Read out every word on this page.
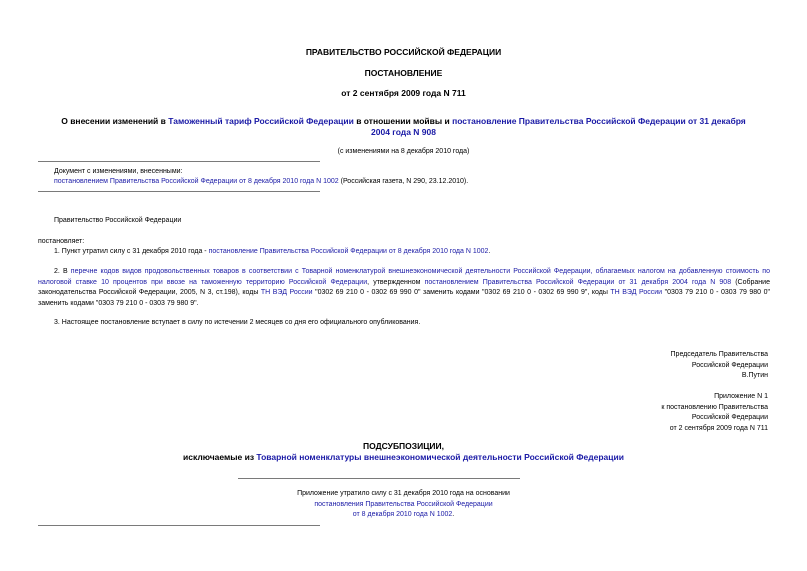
ПРАВИТЕЛЬСТВО РОССИЙСКОЙ ФЕДЕРАЦИИ
ПОСТАНОВЛЕНИЕ
от 2 сентября 2009 года N 711
О внесении изменений в Таможенный тариф Российской Федерации в отношении мойвы и постановление Правительства Российской Федерации от 31 декабря
2004 года N 908
(с изменениями на 8 декабря 2010 года)
Документ с изменениями, внесенными:
постановлением Правительства Российской Федерации от 8 декабря 2010 года N 1002 (Российская газета, N 290, 23.12.2010).
Правительство Российской Федерации
постановляет:
1. Пункт утратил силу с 31 декабря 2010 года - постановление Правительства Российской Федерации от 8 декабря 2010 года N 1002.
2. В перечне кодов видов продовольственных товаров в соответствии с Товарной номенклатурой внешнеэкономической деятельности Российской Федерации, облагаемых налогом на добавленную стоимость по налоговой ставке 10 процентов при ввозе на таможенную территорию Российской Федерации, утвержденном постановлением Правительства Российской Федерации от 31 декабря 2004 года N 908 (Собрание законодательства Российской Федерации, 2005, N 3, ст.198), коды ТН ВЭД России "0302 69 210 0 - 0302 69 990 0" заменить кодами "0302 69 210 0 - 0302 69 990 9", коды ТН ВЭД России "0303 79 210 0 - 0303 79 980 0" заменить кодами "0303 79 210 0 - 0303 79 980 9".
3. Настоящее постановление вступает в силу по истечении 2 месяцев со дня его официального опубликования.
Председатель Правительства
Российской Федерации
В.Путин
Приложение N 1
к постановлению Правительства
Российской Федерации
от 2 сентября 2009 года N 711
ПОДСУБПОЗИЦИИ,
исключаемые из Товарной номенклатуры внешнеэкономической деятельности Российской Федерации
Приложение утратило силу с 31 декабря 2010 года на основании
постановления Правительства Российской Федерации
от 8 декабря 2010 года N 1002.
